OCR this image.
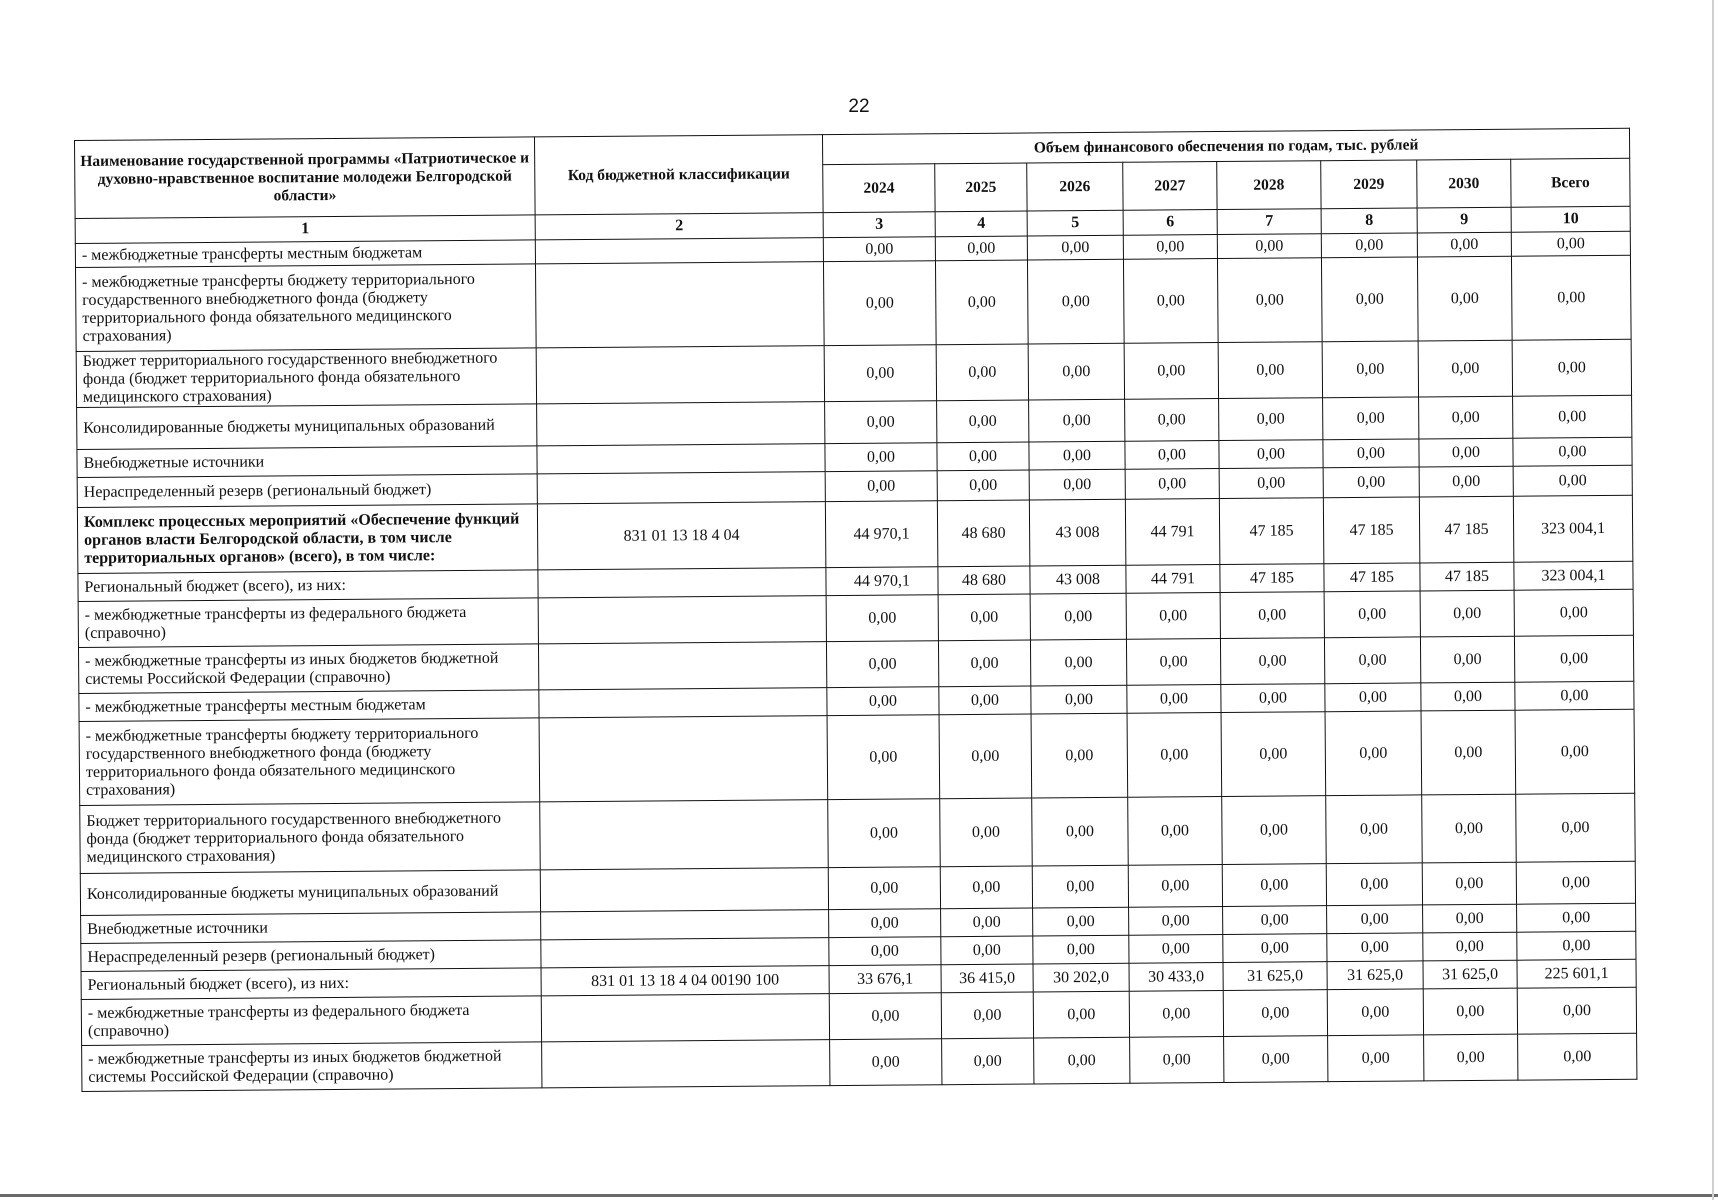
22
Наименование государственной программы «Патриотическое и духовно-нравственное воспитание молодежи Белгородской области»	Код бюджетной классификации	Объем финансового обеспечения по годам, тыс. рублей							
		2024	2025	2026	2027	2028	2029	2030	Всего
1	2	3	4	5	6	7	8	9	10
- межбюджетные трансферты местным бюджетам		0,00	0,00	0,00	0,00	0,00	0,00	0,00	0,00
- межбюджетные трансферты бюджету территориального государственного внебюджетного фонда (бюджету территориального фонда обязательного медицинского страхования)		0,00	0,00	0,00	0,00	0,00	0,00	0,00	0,00
Бюджет территориального государственного внебюджетного фонда (бюджет территориального фонда обязательного медицинского страхования)		0,00	0,00	0,00	0,00	0,00	0,00	0,00	0,00
Консолидированные бюджеты муниципальных образований		0,00	0,00	0,00	0,00	0,00	0,00	0,00	0,00
Внебюджетные источники		0,00	0,00	0,00	0,00	0,00	0,00	0,00	0,00
Нераспределенный резерв (региональный бюджет)		0,00	0,00	0,00	0,00	0,00	0,00	0,00	0,00
Комплекс процессных мероприятий «Обеспечение функций органов власти Белгородской области, в том числе территориальных органов» (всего), в том числе:	831 01 13 18 4 04	44 970,1	48 680	43 008	44 791	47 185	47 185	47 185	323 004,1
Региональный бюджет (всего), из них:		44 970,1	48 680	43 008	44 791	47 185	47 185	47 185	323 004,1
- межбюджетные трансферты из федерального бюджета (справочно)		0,00	0,00	0,00	0,00	0,00	0,00	0,00	0,00
- межбюджетные трансферты из иных бюджетов бюджетной системы Российской Федерации (справочно)		0,00	0,00	0,00	0,00	0,00	0,00	0,00	0,00
- межбюджетные трансферты местным бюджетам		0,00	0,00	0,00	0,00	0,00	0,00	0,00	0,00
- межбюджетные трансферты бюджету территориального государственного внебюджетного фонда (бюджету территориального фонда обязательного медицинского страхования)		0,00	0,00	0,00	0,00	0,00	0,00	0,00	0,00
Бюджет территориального государственного внебюджетного фонда (бюджет территориального фонда обязательного медицинского страхования)		0,00	0,00	0,00	0,00	0,00	0,00	0,00	0,00
Консолидированные бюджеты муниципальных образований		0,00	0,00	0,00	0,00	0,00	0,00	0,00	0,00
Внебюджетные источники		0,00	0,00	0,00	0,00	0,00	0,00	0,00	0,00
Нераспределенный резерв (региональный бюджет)		0,00	0,00	0,00	0,00	0,00	0,00	0,00	0,00
Региональный бюджет (всего), из них:	831 01 13 18 4 04 00190 100	33 676,1	36 415,0	30 202,0	30 433,0	31 625,0	31 625,0	31 625,0	225 601,1
- межбюджетные трансферты из федерального бюджета (справочно)		0,00	0,00	0,00	0,00	0,00	0,00	0,00	0,00
- межбюджетные трансферты из иных бюджетов бюджетной системы Российской Федерации (справочно)		0,00	0,00	0,00	0,00	0,00	0,00	0,00	0,00
